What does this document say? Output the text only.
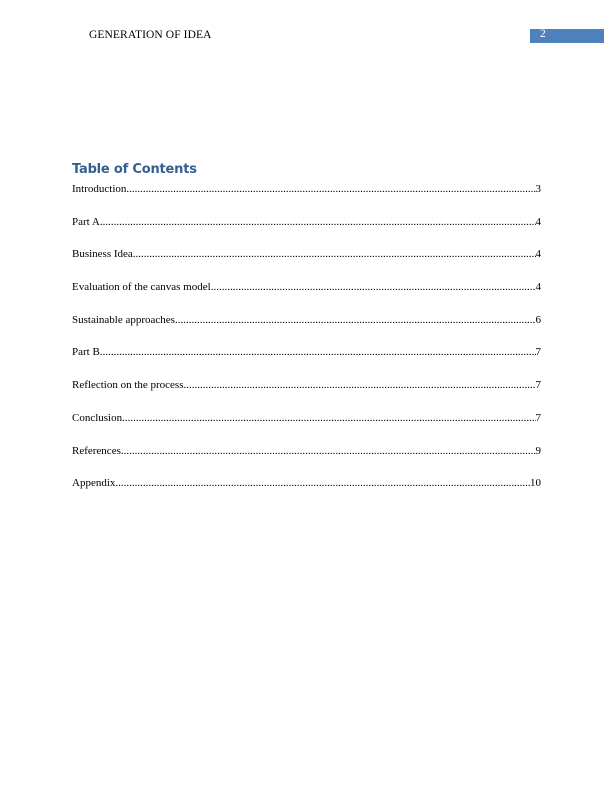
GENERATION OF IDEA	2
Table of Contents
Introduction .....	3
Part A .....	4
Business Idea .....	4
Evaluation of the canvas model .....	4
Sustainable approaches .....	6
Part B .....	7
Reflection on the process .....	7
Conclusion .....	7
References .....	9
Appendix .....	10
